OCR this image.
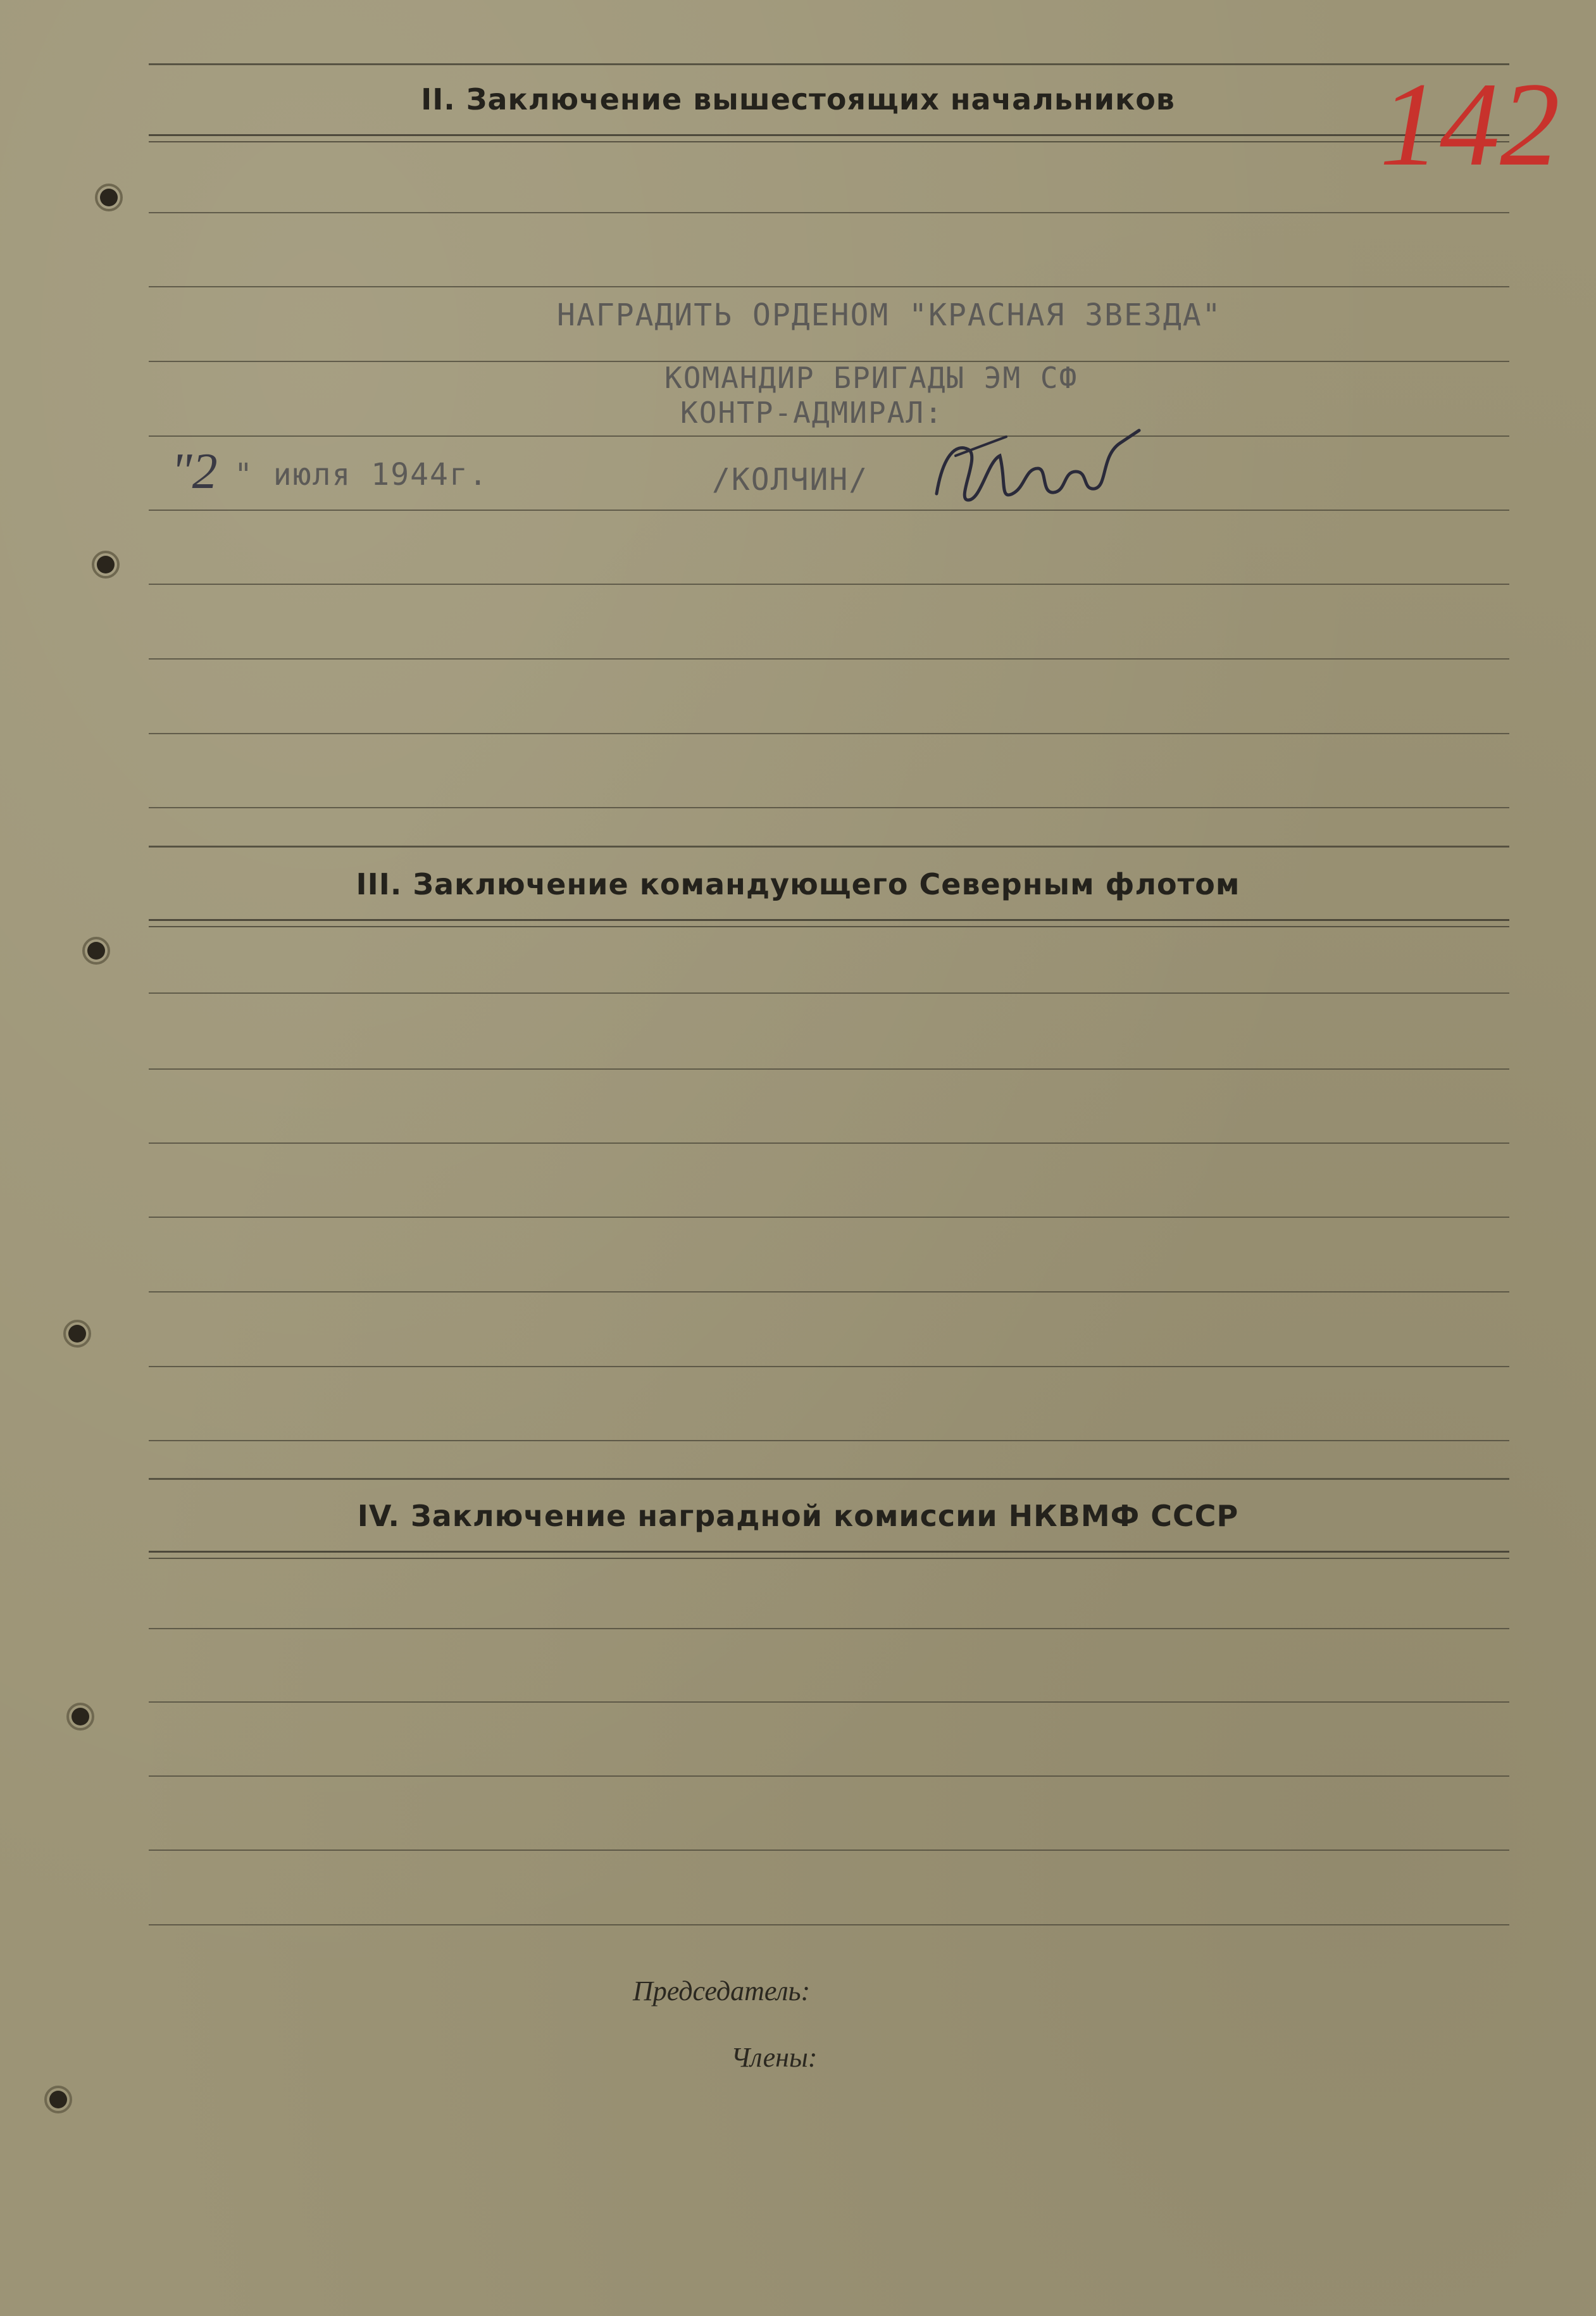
II. Заключение вышестоящих начальников
НАГРАДИТЬ ОРДЕНОМ "КРАСНАЯ ЗВЕЗДА"
КОМАНДИР БРИГАДЫ ЭМ СФ
КОНТР-АДМИРАЛ:
"2 " июля 1944г.	/КОЛЧИН/
142
III. Заключение командующего Северным флотом
IV. Заключение наградной комиссии НКВМФ СССР
Председатель:
Члены:
